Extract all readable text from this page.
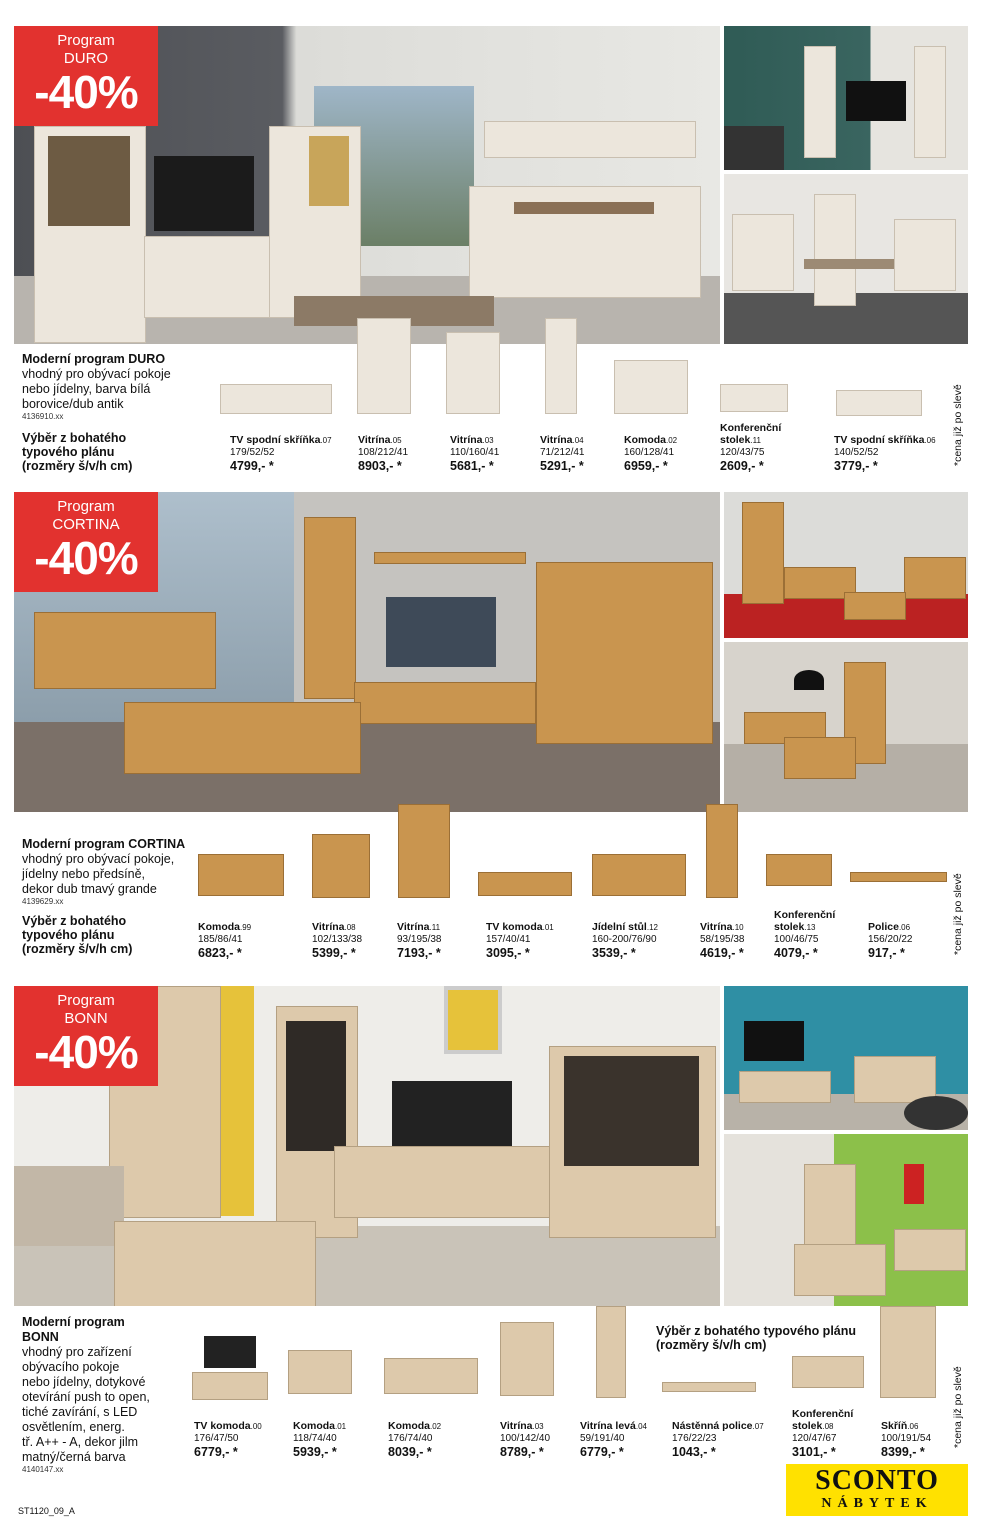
Program
DURO
-40%
Moderní program DURO
vhodný pro obývací pokoje
nebo jídelny, barva bílá
borovice/dub antik
4136910.xx
Výběr z bohatého
typového plánu
(rozměry š/v/h cm)
TV spodní skříňka.07
179/52/52
4799,- *
Vitrína.05
108/212/41
8903,- *
Vitrína.03
110/160/41
5681,- *
Vitrína.04
71/212/41
5291,- *
Komoda.02
160/128/41
6959,- *
Konferenční stolek.11
120/43/75
2609,- *
TV spodní skříňka.06
140/52/52
3779,- *	*cena již po slevě
Program
CORTINA
-40%
Moderní program CORTINA
vhodný pro obývací pokoje,
jídelny nebo předsíně,
dekor dub tmavý grande
4139629.xx
Výběr z bohatého
typového plánu
(rozměry š/v/h cm)
Komoda.99
185/86/41
6823,- *
Vitrína.08
102/133/38
5399,- *
Vitrína.11
93/195/38
7193,- *
TV komoda.01
157/40/41
3095,- *
Jídelní stůl.12
160-200/76/90
3539,- *
Vitrína.10
58/195/38
4619,- *
Konferenční stolek.13
100/46/75
4079,- *
Police.06
156/20/22
917,- *	*cena již po slevě
Program
BONN
-40%
Moderní program BONN
vhodný pro zařízení
obývacího pokoje
nebo jídelny, dotykové
otevírání push to open,
tiché zavírání, s LED
osvětlením, energ.
tř. A++ - A, dekor jilm
matný/černá barva
4140147.xx
Výběr z bohatého typového plánu
(rozměry š/v/h cm)
TV komoda.00
176/47/50
6779,- *
Komoda.01
118/74/40
5939,- *
Komoda.02
176/74/40
8039,- *
Vitrína.03
100/142/40
8789,- *
Vitrína levá.04
59/191/40
6779,- *
Nástěnná police.07
176/22/23
1043,- *
Konferenční stolek.08
120/47/67
3101,- *
Skříň.06
100/191/54
8399,- *
*cena již po slevě
SCONTO
NÁBYTEK
ST1120_09_A
